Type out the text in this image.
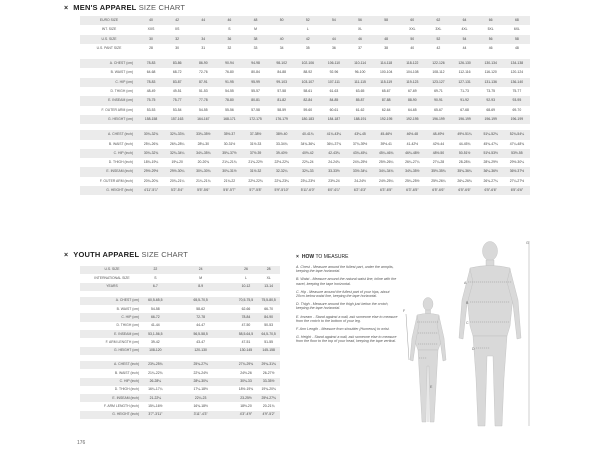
× MEN'S APPAREL SIZE CHART
EURO SIZE	40	42	44	46	48	50	52	54	56	58	60	62	64	66	68
INT. SIZE	XXS	XS		S	M		L		XL		XXL	3XL	4XL	5XL	6XL
U.S. SIZE	30	32	34	36	38	40	42	44	46	48	50	52	54	56	58
U.S. PANT SIZE	28	30	31	32	33	34	35	36	37	38	40	42	44	46	48

A. CHEST (cm)	78-83	83-86	86-90	90-94	94-98	98-102	102-106	106-110	110-114	114-118	118-122	122-126	126-130	130-134	134-138
B. WAIST (cm)	64-68	68-72	72-76	76-80	80-84	84-88	88-92	92-96	96-100	100-104	104-108	108-112	112-116	116-120	120-124
C. HIP (cm)	78-83	83-87	87-91	91-95	95-99	99-103	103-107	107-111	111-115	115-119	119-123	123-127	127-131	131-136	136-140
D. THIGH (cm)	48-49	49-51	51-53	54-55	55-57	57-58	58-61	61-63	63-65	65-67	67-69	69-71	71-73	73-75	75-77
E. INSEAM (cm)	75-75	75-77	77-78	78-80	80-81	81-82	82-84	84-85	85-87	87-88	88-90	90-91	91-92	92-93	93-95
F. OUTER ARM (cm)	53-53	53-54	54-55	55-56	57-58	58-59	59-60	60-61	61-62	62-64	64-65	65-67	67-68	68-69	69-70
G. HEIGHT (cm)	158-158	157-163	164-167	168-171	172-175	176-179	180-183	184-187	188-191	192-195	192-195	196-199	196-199	196-199	196-199

A. CHEST (inch)	30¾-32¾	32¾-33¾	33¾-35½	35½-37	37-38½	38½-40	40-41¾	41¾-43¼	43¼-45	45-46½	46½-48	48-49½	49½-51¼	51¼-52¾	52¾-54¼
B. WAIST (inch)	25¼-26¾	26¾-28¼	28¼-30	30-31½	31½-33	33-34¾	34¾-36¼	36¼-37¾	37¾-39½	39½-41	41-42½	42½-44	44-45¾	45¾-47¼	47¼-48¾
C. HIP (inch)	30¾-32¾	32¾-34¼	34¼-35¾	35¾-37½	37½-39	39-40½	40½-42	42-43¾	43¾-45¼	45¼-46¾	46¾-48½	48½-50	50-51½	51½-53½	53½-55
D. THIGH (inch)	18¾-19¼	19¼-20	20-20¾	21¼-21¾	21¾-22½	22½-22¾	22¾-24	24-24¾	24¾-25½	25½-26¼	26¼-27¼	27¼-28	28-28¾	28¾-29½	29½-30¼
E. INSEAM (inch)	29½-29½	29½-30¼	30¼-30¾	30¾-31½	31½-32	32-32¼	32¼-33	33-33½	33½-34¼	34¼-34¾	34¾-35½	35½-35¾	35¾-36¼	36¼-36½	36½-37½
F. OUTER ARM (inch)	20¾-20¾	20¾-21¼	21¼-21¾	21¾-22	22½-22¾	22¾-23¼	23¼-23½	23½-24	24-24½	24½-25¼	25¼-25½	25½-26¼	26¼-26¾	26¾-27¼	27¼-27½
G. HEIGHT (inch)	4'11"-5'1"	5'2"-5'4"	5'5"-5'6"	5'6"-5'7"	5'7"-5'8"	5'9"-5'10"	5'11"-6'0"	6'0"-6'1"	6'2"-6'3"	6'3"-6'5"	6'3"-6'5"	6'5"-6'6"	6'5"-6'6"	6'5"-6'6"	6'5"-6'6"
× YOUTH APPAREL SIZE CHART
U.S. SIZE	22		24		26	28
INTERNATIONAL SIZE	S		M		L	XL
YEARS	6-7		8-9		10-12	13-14

A. CHEST (cm)	60,5-65,5		65,5-70,5		70,5-75,5	75,5-80,5
B. WAIST (cm)	54-58		58-62		62-66	66-70
C. HIP (cm)	66-72		72-78		78-84	84-90
D. THIGH (cm)	41-44		44-47		47-50	50-53
E. INSEAM (cm)	53,1-56,5		56,5-58,5		58,5-64,5	64,5-70,5
F. ARM LENGTH (cm)	39-42		43-47		47-51	51-55
G. HEIGHT (cm)	108-120		120-130		130-145	145-158

A. CHEST (inch)	23¾-25¾		25¾-27¾		27¾-29¾	29¾-31¾
B. WAIST (inch)	21¼-22¾		22¾-24½		24½-26	26-27½
C. HIP (inch)	26-28¼		28¼-30¾		30¾-33	33-35½
D. THIGH (inch)	16¼-17¼		17¼-18½		18½-19¾	19¾-20¾
E. INSEAM (inch)	21-22¼		22¼-23		23-25½	25½-27¾
F. ARM LENGTH (inch)	15¼-16½		16¾-18½		18½-20	20-21¾
G. HEIGHT (inch)	3'7"-3'11"		3'11"-4'3"		4'3"-4'9"	4'9"-5'2"
× HOW TO MEASURE

A. Chest - Measure around the fullest part, under the armpits, keeping the tape horizontal.

B. Waist - Measure around the natural waist line, inline with the navel, keeping the tape horizontal.

C. Hip - Measure around the fullest part of your hips, about 20cm below waist line, keeping the tape horizontal.

D. Thigh - Measure around the thigh just below the crotch, keeping the tape horizontal.

E. Inseam - Stand against a wall, ask someone else to measure from the crotch to the bottom of your leg.

F. Arm Length - Measure from shoulder (Humerus) to wrist.

G. Height - Stand against a wall, ask someone else to measure from the floor to the top of your head, keeping the tape vertical.

F
E
G
A
B
C
D
176
